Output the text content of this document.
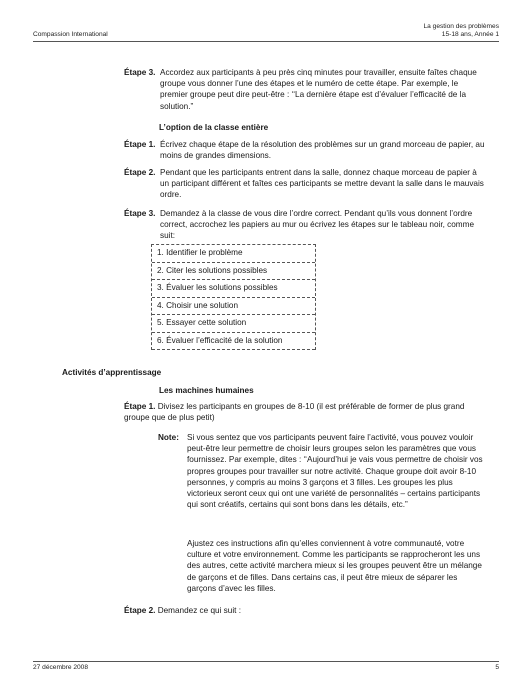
Compassion International
La gestion des problèmes
15-18 ans, Année 1
Étape 3. Accordez aux participants à peu près cinq minutes pour travailler, ensuite faîtes chaque groupe vous donner l’une des étapes et le numéro de cette étape. Par exemple, le premier groupe peut dire peut-être : ‘‘La dernière étape est d’évaluer l’efficacité de la solution.”
L’option de la classe entière
Étape 1. Écrivez chaque étape de la résolution des problèmes sur un grand morceau de papier, au moins de grandes dimensions.
Étape 2. Pendant que les participants entrent dans la salle, donnez chaque morceau de papier à un participant différent et faîtes ces participants se mettre devant la salle dans le mauvais ordre.
Étape 3. Demandez à la classe de vous dire l’ordre correct. Pendant qu’ils vous donnent l’ordre correct, accrochez les papiers au mur ou écrivez les étapes sur le tableau noir, comme suit:
1. Identifier le problème
2. Citer les solutions possibles
3. Évaluer les solutions possibles
4. Choisir une solution
5. Essayer cette solution
6. Évaluer l’efficacité de la solution
Activités d’apprentissage
Les machines humaines
Étape 1. Divisez les participants en groupes de 8-10 (il est préférable de former de plus grand groupe que de plus petit)
Note: Si vous sentez que vos participants peuvent faire l’activité, vous pouvez vouloir peut-être leur permettre de choisir leurs groupes selon les paramètres que vous fournissez. Par exemple, dites : ‘‘Aujourd’hui je vais vous permettre de choisir vos propres groupes pour travailler sur notre activité. Chaque groupe doit avoir 8-10 personnes, y compris au moins 3 garçons et 3 filles. Les groupes les plus victorieux seront ceux qui ont une variété de personnalités – certains participants qui sont créatifs, certains qui sont bons dans les détails, etc.”
Ajustez ces instructions afin qu’elles conviennent à votre communauté, votre culture et votre environnement. Comme les participants se rapprocheront les uns des autres, cette activité marchera mieux si les groupes peuvent être un mélange de garçons et de filles. Dans certains cas, il peut être mieux de séparer les garçons d’avec les filles.
Étape 2. Demandez ce qui suit :
27 décembre 2008	5
